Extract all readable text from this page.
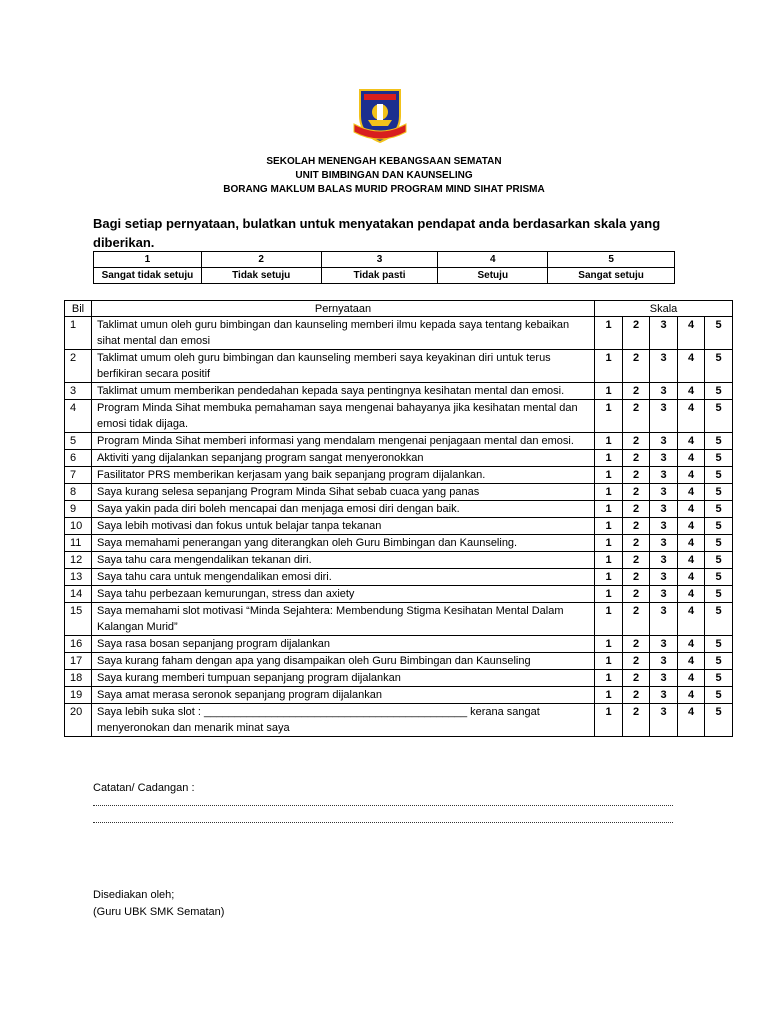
SEKOLAH MENENGAH KEBANGSAAN SEMATAN
UNIT BIMBINGAN DAN KAUNSELING
BORANG MAKLUM BALAS MURID PROGRAM MIND SIHAT PRISMA
Bagi setiap pernyataan, bulatkan untuk menyatakan pendapat anda berdasarkan skala yang diberikan.
1	2	3	4	5
Sangat tidak setuju	Tidak setuju	Tidak pasti	Setuju	Sangat setuju
Bil	Pernyataan	Skala				
1	Taklimat umun oleh guru bimbingan dan kaunseling memberi ilmu kepada saya tentang kebaikan sihat mental dan emosi	1	2	3	4	5
2	Taklimat umum oleh guru bimbingan dan kaunseling memberi saya keyakinan diri untuk terus berfikiran secara positif	1	2	3	4	5
3	Taklimat umum memberikan pendedahan kepada saya pentingnya kesihatan mental dan emosi.	1	2	3	4	5
4	Program Minda Sihat membuka pemahaman saya mengenai bahayanya jika kesihatan mental dan emosi tidak dijaga.	1	2	3	4	5
5	Program Minda Sihat memberi informasi yang mendalam mengenai penjagaan mental dan emosi.	1	2	3	4	5
6	Aktiviti yang dijalankan sepanjang program sangat menyeronokkan	1	2	3	4	5
7	Fasilitator PRS memberikan kerjasam yang baik sepanjang program dijalankan.	1	2	3	4	5
8	Saya kurang selesa sepanjang Program Minda Sihat sebab cuaca yang panas	1	2	3	4	5
9	Saya yakin pada diri boleh mencapai dan menjaga emosi diri dengan baik.	1	2	3	4	5
10	Saya lebih motivasi dan fokus untuk belajar tanpa tekanan	1	2	3	4	5
11	Saya memahami penerangan yang diterangkan oleh Guru Bimbingan dan Kaunseling.	1	2	3	4	5
12	Saya tahu cara mengendalikan tekanan diri.	1	2	3	4	5
13	Saya tahu cara untuk mengendalikan emosi diri.	1	2	3	4	5
14	Saya tahu perbezaan kemurungan, stress dan axiety	1	2	3	4	5
15	Saya memahami slot motivasi “Minda Sejahtera: Membendung Stigma Kesihatan Mental Dalam Kalangan Murid”	1	2	3	4	5
16	Saya rasa bosan sepanjang program dijalankan	1	2	3	4	5
17	Saya kurang faham dengan apa yang disampaikan oleh Guru Bimbingan dan Kaunseling	1	2	3	4	5
18	Saya kurang memberi tumpuan sepanjang program dijalankan	1	2	3	4	5
19	Saya amat merasa seronok sepanjang program dijalankan	1	2	3	4	5
20	Saya lebih suka slot : ___________________________________________ kerana sangat menyeronokan dan menarik minat saya	1	2	3	4	5
Catatan/ Cadangan :
Disediakan oleh;
(Guru UBK SMK Sematan)
